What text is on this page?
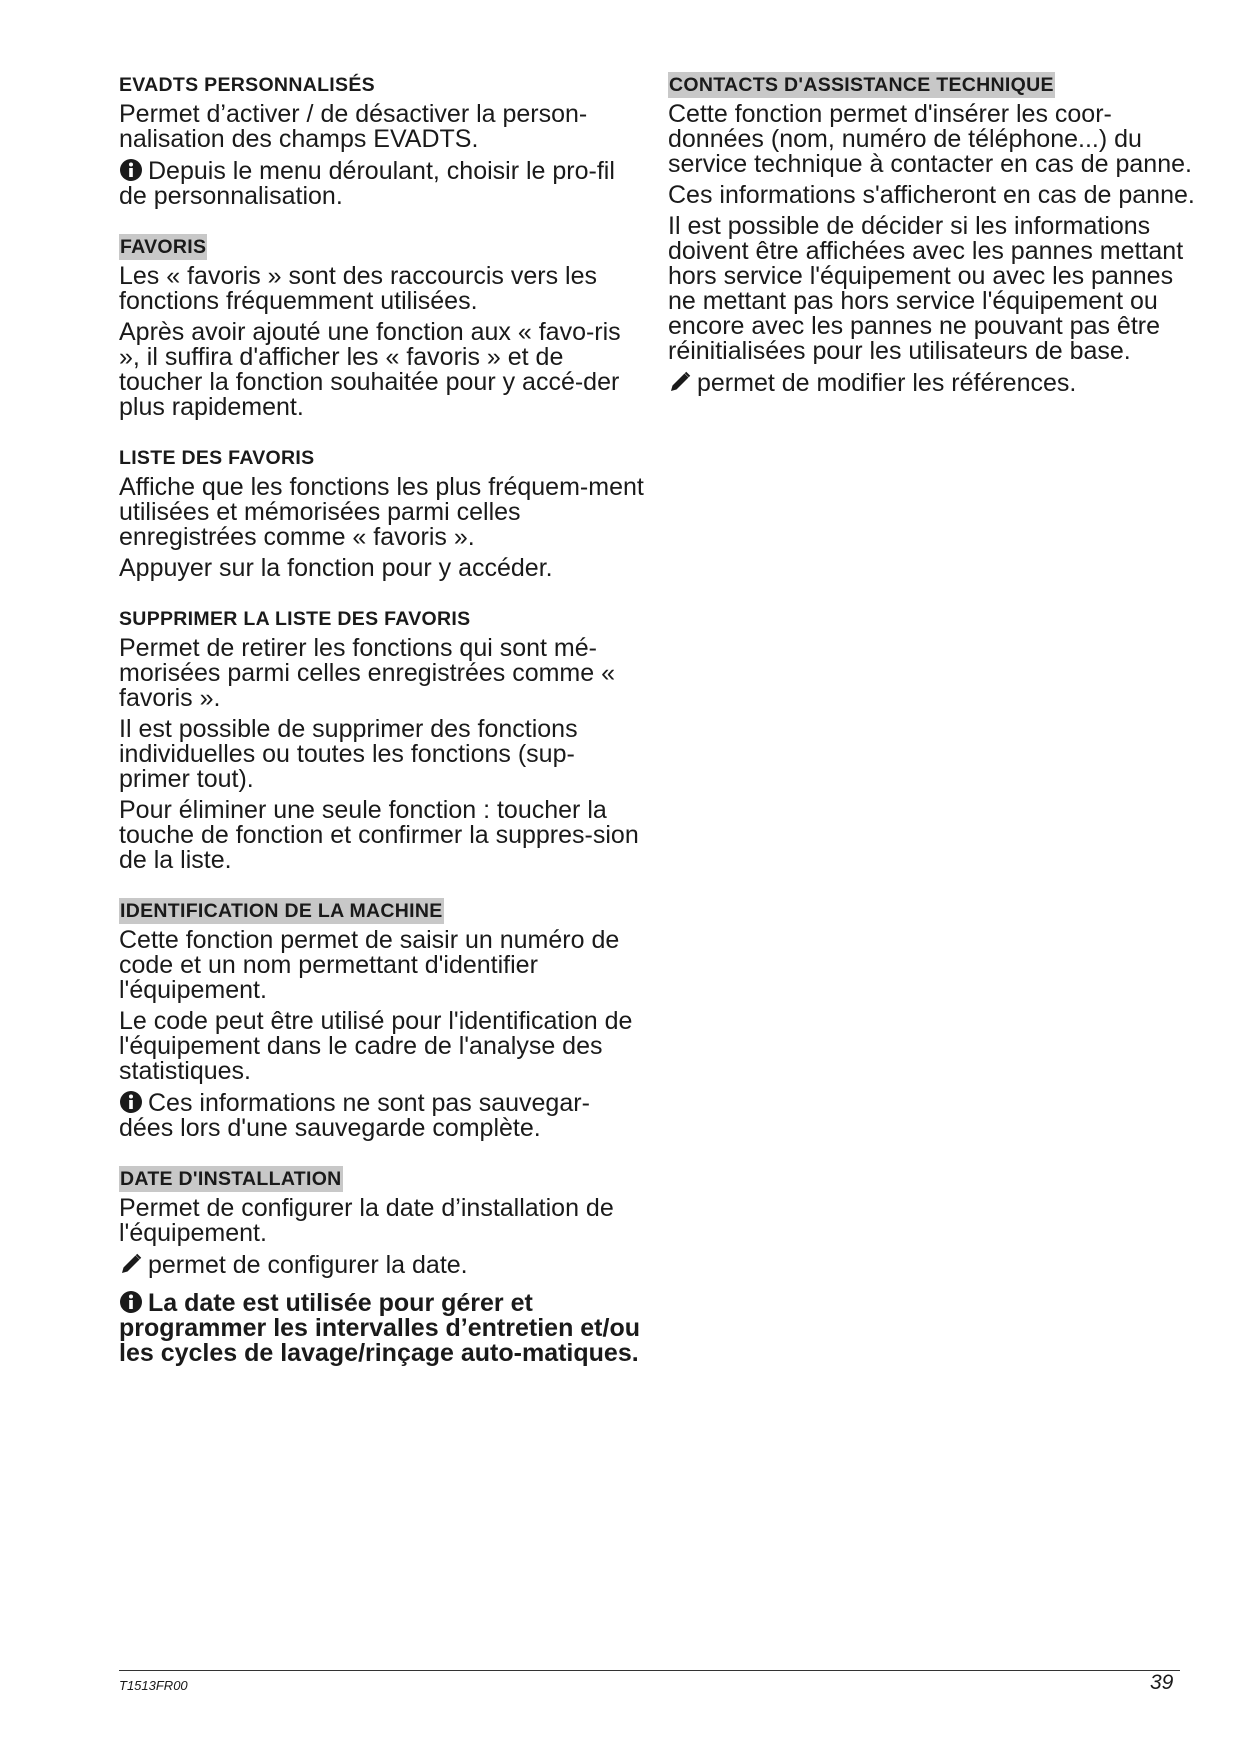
EVADTS PERSONNALISÉS

Permet d’activer / de désactiver la person-nalisation des champs EVADTS.

Depuis le menu déroulant, choisir le pro-fil de personnalisation.

FAVORIS

Les « favoris » sont des raccourcis vers les fonctions fréquemment utilisées.

Après avoir ajouté une fonction aux « favo-ris », il suffira d'afficher les « favoris » et de toucher la fonction souhaitée pour y accé-der plus rapidement.

LISTE DES FAVORIS

Affiche que les fonctions les plus fréquem-ment utilisées et mémorisées parmi celles enregistrées comme « favoris ».

Appuyer sur la fonction pour y accéder.

SUPPRIMER LA LISTE DES FAVORIS

Permet de retirer les fonctions qui sont mé-morisées parmi celles enregistrées comme « favoris ».

Il est possible de supprimer des fonctions individuelles ou toutes les fonctions (sup-primer tout).

Pour éliminer une seule fonction : toucher la touche de fonction et confirmer la suppres-sion de la liste.

IDENTIFICATION DE LA MACHINE

Cette fonction permet de saisir un numéro de code et un nom permettant d'identifier l'équipement.

Le code peut être utilisé pour l'identification de l'équipement dans le cadre de l'analyse des statistiques.

Ces informations ne sont pas sauvegar-dées lors d'une sauvegarde complète.

DATE D'INSTALLATION

Permet de configurer la date d’installation de l'équipement.

permet de configurer la date.

La date est utilisée pour gérer et programmer les intervalles d’entretien et/ou les cycles de lavage/rinçage auto-matiques.

CONTACTS D'ASSISTANCE TECHNIQUE

Cette fonction permet d'insérer les coor-données (nom, numéro de téléphone...) du service technique à contacter en cas de panne.

Ces informations s'afficheront en cas de panne.

Il est possible de décider si les informations doivent être affichées avec les pannes mettant hors service l'équipement ou avec les pannes ne mettant pas hors service l'équipement ou encore avec les pannes ne pouvant pas être réinitialisées pour les utilisateurs de base.

permet de modifier les références.

T1513FR00	39
